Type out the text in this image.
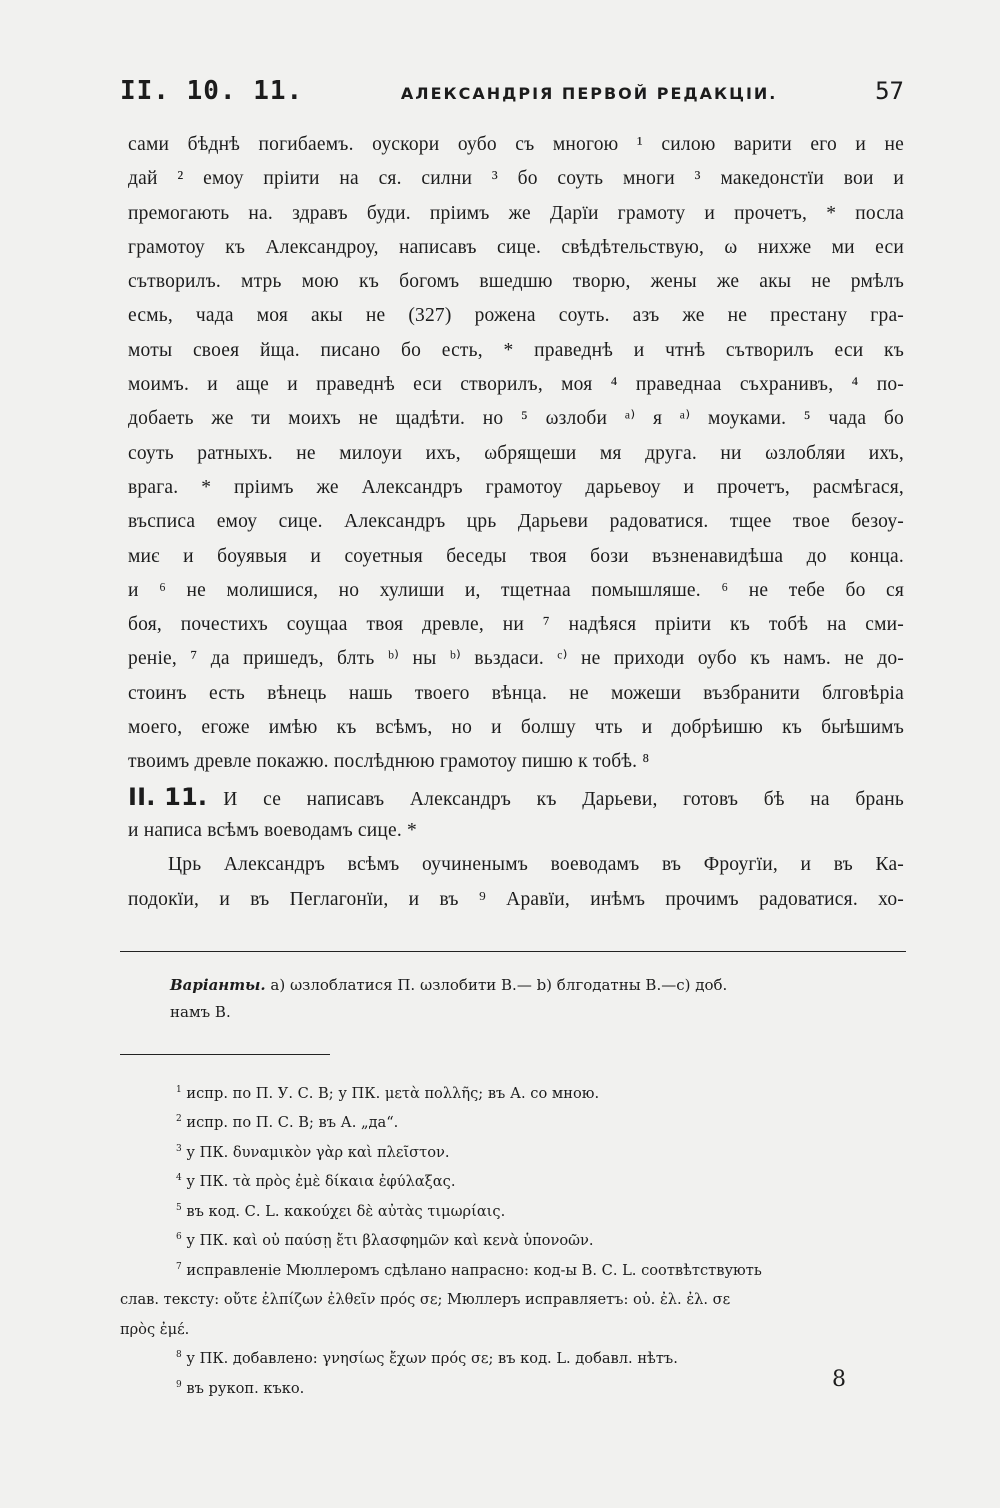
II. 10. 11.	АЛЕКСАНДРІЯ ПЕРВОЙ РЕДАКЦІИ.	57
сами бѣднѣ погибаемъ. оускори оубо съ многою ¹ силою варити его и не
дай ² емоу пріити на ся. силни ³ бо соуть многи ³ македонстїи вои и
премогають на. здравъ буди. пріимъ же Дарїи грамоту и прочетъ, * посла
грамотоу къ Александроу, написавъ сице. свѣдѣтельствую, ω нихже ми еси
сътворилъ. мтрь мою къ богомъ вшедшю творю, жены же акы не рмѣлъ
есмь, чада моя акы не (327) рожена соуть. азъ же не престану гра-
моты своея йща. писано бо есть, * праведнѣ и чтнѣ сътворилъ еси къ
моимъ. и аще и праведнѣ еси створилъ, моя ⁴ праведнаа съхранивъ, ⁴ по-
добаеть же ти моихъ не щадѣти. но ⁵ ωзлоби ᵃ⁾ я ᵃ⁾ моуками. ⁵ чада бо
соуть ратныхъ. не милоуи ихъ, ωбрящеши мя друга. ни ωзлобляи ихъ,
врага. * пріимъ же Александръ грамотоу дарьевоу и прочетъ, расмѣгася,
въсписа емоу сице. Александръ црь Дарьеви радоватися. тщее твое безоу-
миє и боуявыя и соуетныя беседы твоя бози възненавидѣша до конца.
и ⁶ не молишися, но хулиши и, тщетнаа помышляше. ⁶ не тебе бо ся
боя, почестихъ соущаа твоя древле, ни ⁷ надѣяся пріити къ тобѣ на сми-
реніе, ⁷ да пришедъ, блть ᵇ⁾ ны ᵇ⁾ вьздаси. ᶜ⁾ не приходи оубо къ намъ. не до-
стоинъ есть вѣнець нашь твоего вѣнца. не можеши възбранити блговѣріа
моего, егоже имѣю къ всѣмъ, но и болшу чть и добрѣишю къ быѣшимъ
твоимъ древле покажю. послѣднюю грамотоу пишю к тобѣ. ⁸
II. 11. И се написавъ Александръ къ Дарьеви, готовъ бѣ на брань
и написа всѣмъ воеводамъ сице. *
Црь Александръ всѣмъ оучиненымъ воеводамъ въ Фроугїи, и въ Ка-
подокїи, и въ Пеглагонїи, и въ ⁹ Аравїи, инѣмъ прочимъ радоватися. хо-
Варіанты. a) ωзлоблатися П. ωзлобити В.— b) блгодатны В.—c) доб.
намъ В.
$^1$ испр. по П. У. С. В; у ПК. μετὰ πολλῆς; въ А. со мною.
$^2$ испр. по П. С. В; въ А. „да“.
$^3$ у ПК. δυναμικὸν γὰρ καὶ πλεῖστον.
$^4$ у ПК. τὰ πρὸς ἐμὲ δίκαια ἐφύλαξας.
$^5$ въ код. С. L. κακούχει δὲ αὐτὰς τιμωρίαις.
$^6$ у ПК. καὶ οὐ παύσῃ ἔτι βλασφημῶν καὶ κενὰ ὑπονοῶν.
$^7$ исправленіе Мюллеромъ сдѣлано напрасно: код-ы В. С. L. соотвѣтствують
слав. тексту: οὔτε ἐλπίζων ἐλθεῖν πρός σε; Мюллеръ исправляетъ: οὐ. ἐλ. ἐλ. σε
πρὸς ἐμέ.
$^8$ у ПК. добавлено: γνησίως ἔχων πρός σε; въ код. L. добавл. нѣтъ.
$^9$ въ рукоп. къко.	8
